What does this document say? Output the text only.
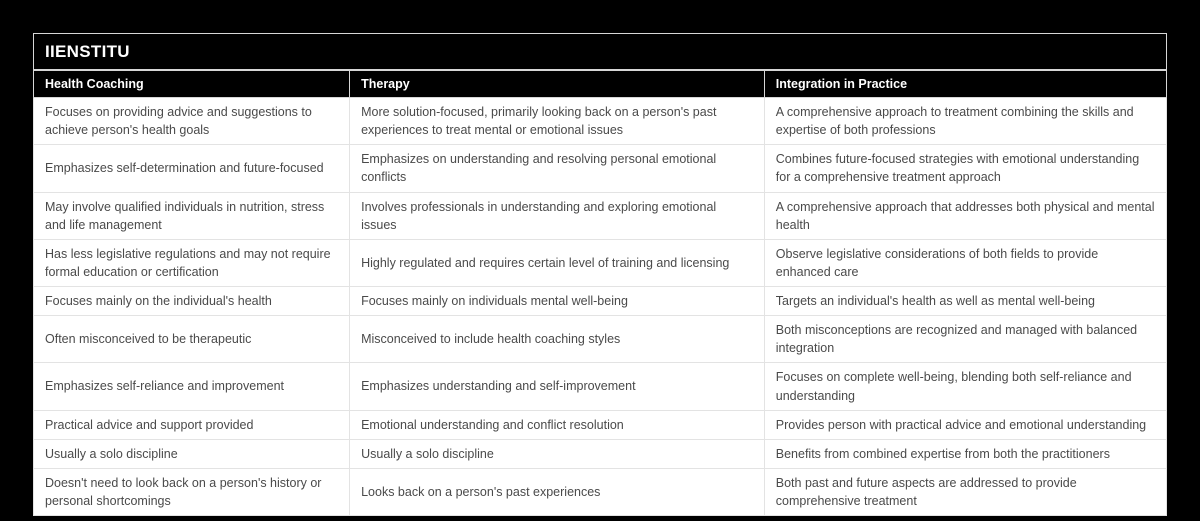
IIENSTITU
Health Coaching	Therapy	Integration in Practice
Focuses on providing advice and suggestions to achieve person's health goals	More solution-focused, primarily looking back on a person's past experiences to treat mental or emotional issues	A comprehensive approach to treatment combining the skills and expertise of both professions
Emphasizes self-determination and future-focused	Emphasizes on understanding and resolving personal emotional conflicts	Combines future-focused strategies with emotional understanding for a comprehensive treatment approach
May involve qualified individuals in nutrition, stress and life management	Involves professionals in understanding and exploring emotional issues	A comprehensive approach that addresses both physical and mental health
Has less legislative regulations and may not require formal education or certification	Highly regulated and requires certain level of training and licensing	Observe legislative considerations of both fields to provide enhanced care
Focuses mainly on the individual's health	Focuses mainly on individuals mental well-being	Targets an individual's health as well as mental well-being
Often misconceived to be therapeutic	Misconceived to include health coaching styles	Both misconceptions are recognized and managed with balanced integration
Emphasizes self-reliance and improvement	Emphasizes understanding and self-improvement	Focuses on complete well-being, blending both self-reliance and understanding
Practical advice and support provided	Emotional understanding and conflict resolution	Provides person with practical advice and emotional understanding
Usually a solo discipline	Usually a solo discipline	Benefits from combined expertise from both the practitioners
Doesn't need to look back on a person's history or personal shortcomings	Looks back on a person's past experiences	Both past and future aspects are addressed to provide comprehensive treatment
